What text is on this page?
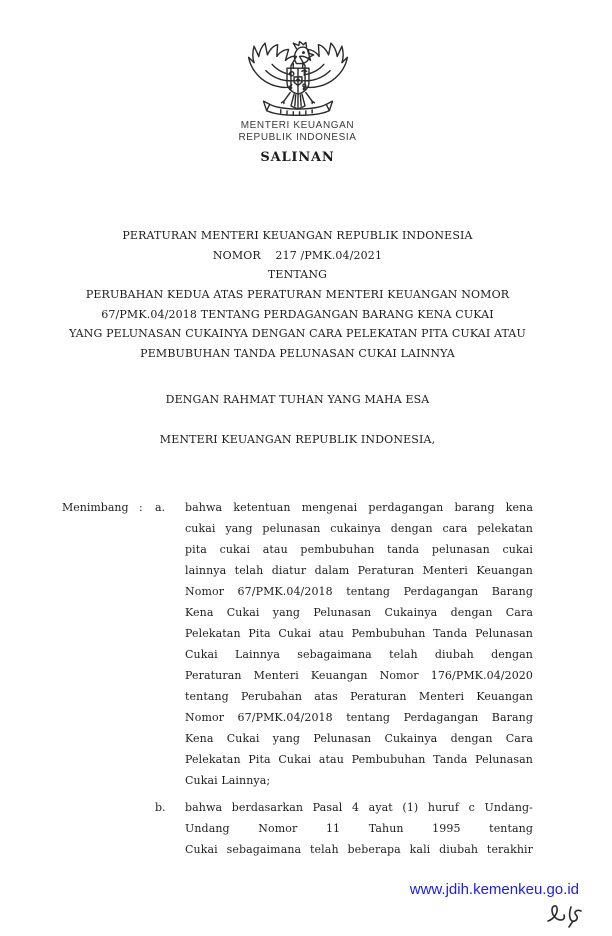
MENTERI KEUANGAN
REPUBLIK INDONESIA
SALINAN
PERATURAN MENTERI KEUANGAN REPUBLIK INDONESIA
NOMOR    217 /PMK.04/2021
TENTANG
PERUBAHAN KEDUA ATAS PERATURAN MENTERI KEUANGAN NOMOR
67/PMK.04/2018 TENTANG PERDAGANGAN BARANG KENA CUKAI
YANG PELUNASAN CUKAINYA DENGAN CARA PELEKATAN PITA CUKAI ATAU
PEMBUBUHAN TANDA PELUNASAN CUKAI LAINNYA
DENGAN RAHMAT TUHAN YANG MAHA ESA
MENTERI KEUANGAN REPUBLIK INDONESIA,
Menimbang : a.	bahwa ketentuan mengenai perdagangan barang kena
cukai yang pelunasan cukainya dengan cara pelekatan
pita cukai atau pembubuhan tanda pelunasan cukai
lainnya telah diatur dalam Peraturan Menteri Keuangan
Nomor 67/PMK.04/2018 tentang Perdagangan Barang
Kena Cukai yang Pelunasan Cukainya dengan Cara
Pelekatan Pita Cukai atau Pembubuhan Tanda Pelunasan
Cukai Lainnya sebagaimana telah diubah dengan
Peraturan Menteri Keuangan Nomor 176/PMK.04/2020
tentang Perubahan atas Peraturan Menteri Keuangan
Nomor 67/PMK.04/2018 tentang Perdagangan Barang
Kena Cukai yang Pelunasan Cukainya dengan Cara
Pelekatan Pita Cukai atau Pembubuhan Tanda Pelunasan
Cukai Lainnya;
b.	bahwa berdasarkan Pasal 4 ayat (1) huruf c Undang-
Undang Nomor 11 Tahun 1995 tentang
Cukai sebagaimana telah beberapa kali diubah terakhir
www.jdih.kemenkeu.go.id
